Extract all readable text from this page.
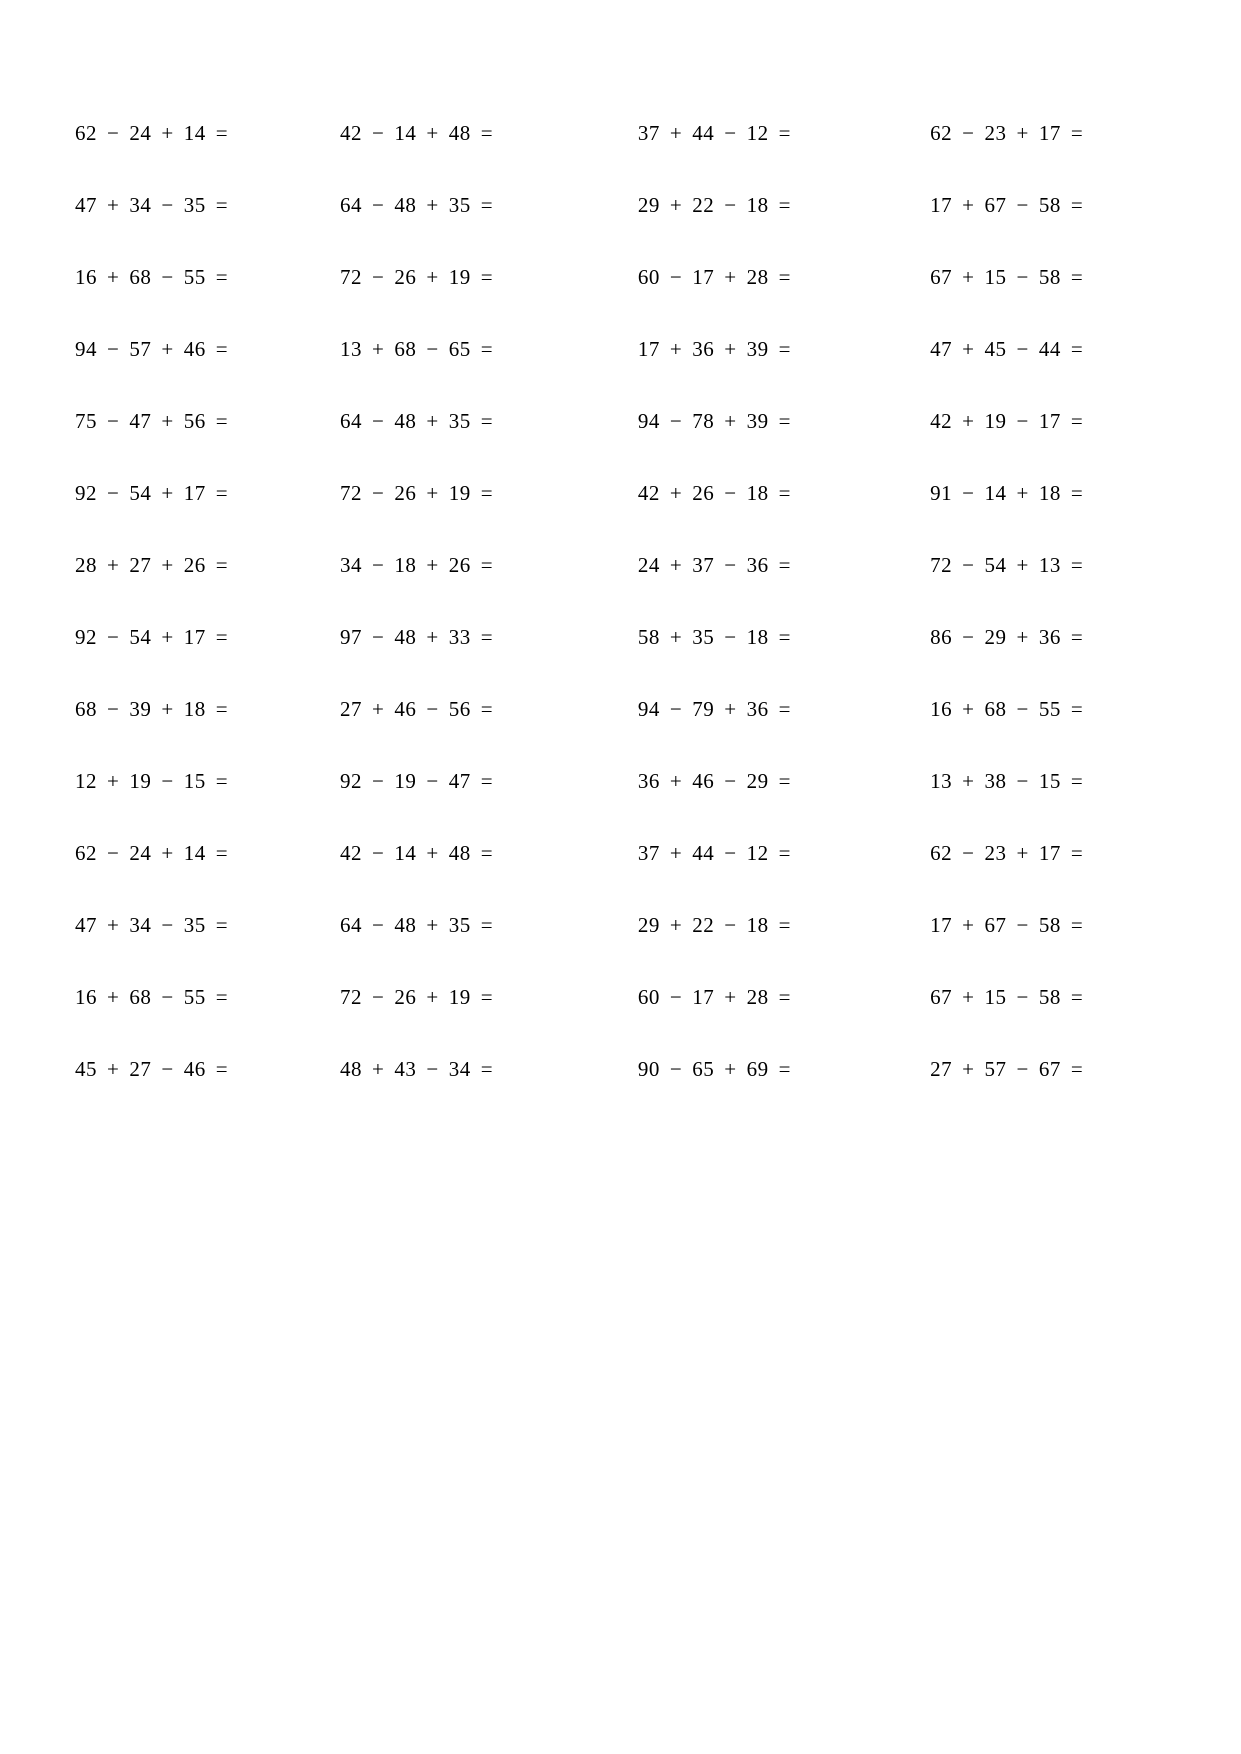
62 − 24 + 14 =	42 − 14 + 48 =	37 + 44 − 12 =	62 − 23 + 17 =
47 + 34 − 35 =	64 − 48 + 35 =	29 + 22 − 18 =	17 + 67 − 58 =
16 + 68 − 55 =	72 − 26 + 19 =	60 − 17 + 28 =	67 + 15 − 58 =
94 − 57 + 46 =	13 + 68 − 65 =	17 + 36 + 39 =	47 + 45 − 44 =
75 − 47 + 56 =	64 − 48 + 35 =	94 − 78 + 39 =	42 + 19 − 17 =
92 − 54 + 17 =	72 − 26 + 19 =	42 + 26 − 18 =	91 − 14 + 18 =
28 + 27 + 26 =	34 − 18 + 26 =	24 + 37 − 36 =	72 − 54 + 13 =
92 − 54 + 17 =	97 − 48 + 33 =	58 + 35 − 18 =	86 − 29 + 36 =
68 − 39 + 18 =	27 + 46 − 56 =	94 − 79 + 36 =	16 + 68 − 55 =
12 + 19 − 15 =	92 − 19 − 47 =	36 + 46 − 29 =	13 + 38 − 15 =
62 − 24 + 14 =	42 − 14 + 48 =	37 + 44 − 12 =	62 − 23 + 17 =
47 + 34 − 35 =	64 − 48 + 35 =	29 + 22 − 18 =	17 + 67 − 58 =
16 + 68 − 55 =	72 − 26 + 19 =	60 − 17 + 28 =	67 + 15 − 58 =
45 + 27 − 46 =	48 + 43 − 34 =	90 − 65 + 69 =	27 + 57 − 67 =
